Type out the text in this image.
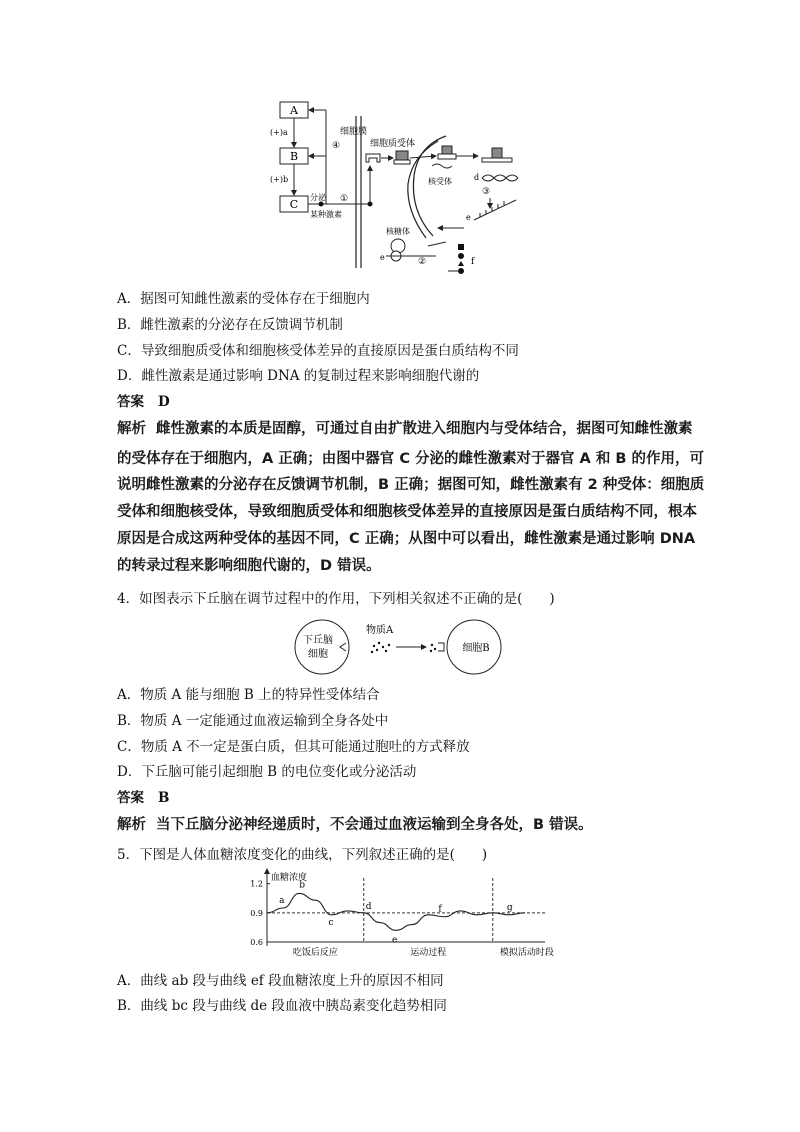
A
B
C
(+)a
(+)b
分泌
某种激素
④
①
细胞膜
细胞质受体
核受体	d
③
e
核糖体
e	②	f
A．据图可知雌性激素的受体存在于细胞内
B．雌性激素的分泌存在反馈调节机制
C．导致细胞质受体和细胞核受体差异的直接原因是蛋白质结构不同
D．雌性激素是通过影响 DNA 的复制过程来影响细胞代谢的
答案 D
解析 雌性激素的本质是固醇，可通过自由扩散进入细胞内与受体结合，据图可知雌性激素
的受体存在于细胞内，A 正确；由图中器官 C 分泌的雌性激素对于器官 A 和 B 的作用，可
说明雌性激素的分泌存在反馈调节机制，B 正确；据图可知，雌性激素有 2 种受体：细胞质
受体和细胞核受体，导致细胞质受体和细胞核受体差异的直接原因是蛋白质结构不同，根本
原因是合成这两种受体的基因不同，C 正确；从图中可以看出，雌性激素是通过影响 DNA
的转录过程来影响细胞代谢的，D 错误。
4．如图表示下丘脑在调节过程中的作用，下列相关叙述不正确的是(　　)
下丘脑
细胞
物质A
细胞B
A．物质 A 能与细胞 B 上的特异性受体结合
B．物质 A 一定能通过血液运输到全身各处中
C．物质 A 不一定是蛋白质，但其可能通过胞吐的方式释放
D．下丘脑可能引起细胞 B 的电位变化或分泌活动
答案 B
解析 当下丘脑分泌神经递质时，不会通过血液运输到全身各处，B 错误。
5．下图是人体血糖浓度变化的曲线，下列叙述正确的是(　　)
血糖浓度
1.2
0.9
0.6
a
b
c
d
e
f	g
吃饭后反应	运动过程	模拟活动时段
A．曲线 ab 段与曲线 ef 段血糖浓度上升的原因不相同
B．曲线 bc 段与曲线 de 段血液中胰岛素变化趋势相同
